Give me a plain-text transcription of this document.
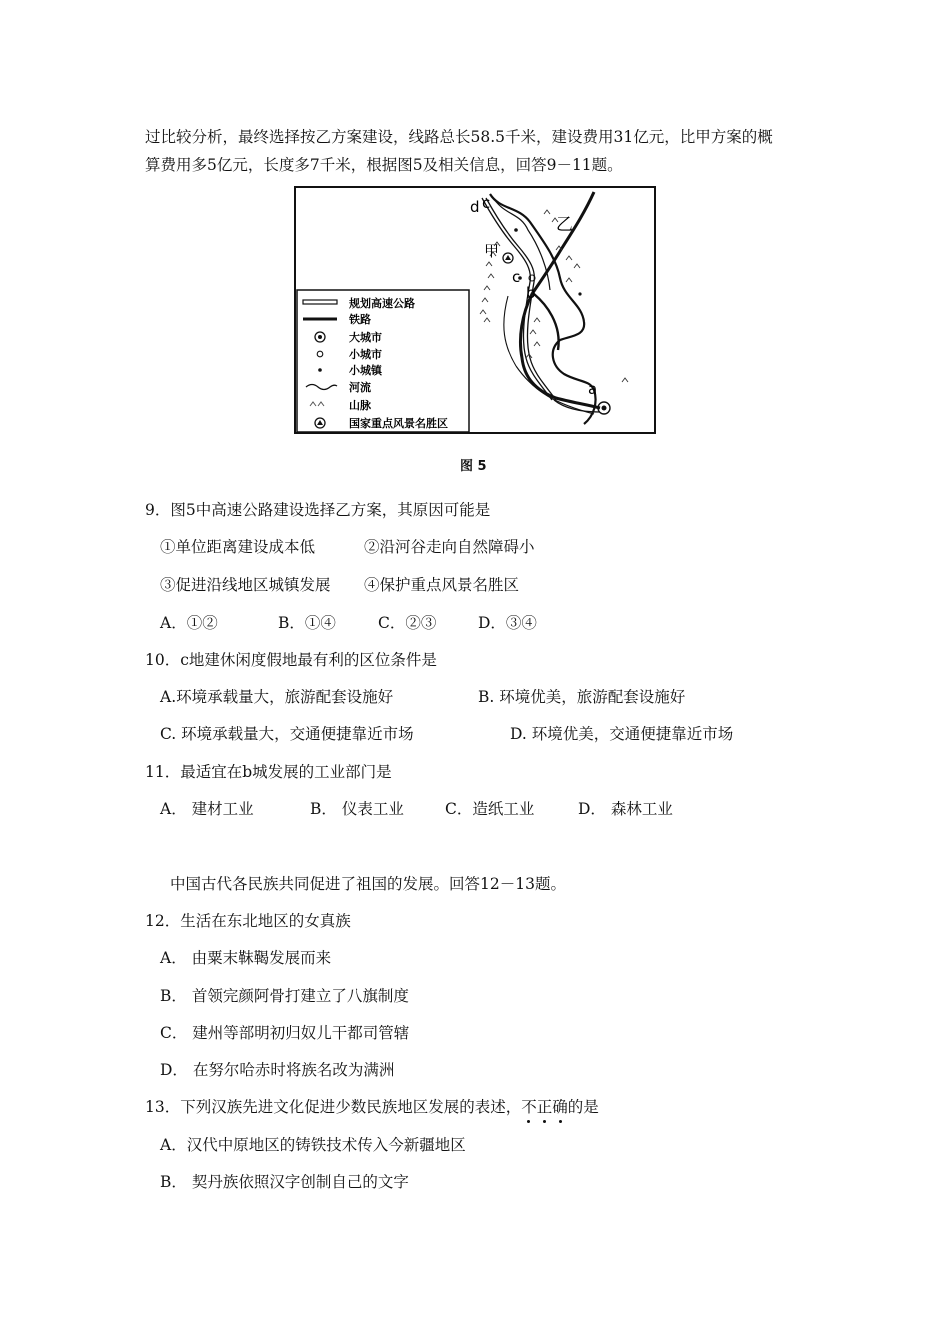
过比较分析，最终选择按乙方案建设，线路总长58.5千米，建设费用31亿元，比甲方案的概
算费用多5亿元，长度多7千米，根据图5及相关信息，回答9－11题。
规划高速公路
铁路
大城市
小城市
小城镇
河流
山脉
国家重点风景名胜区
d c
c
b
a
甲
乙
图 5
9．图5中高速公路建设选择乙方案，其原因可能是
①单位距离建设成本低	②沿河谷走向自然障碍小
③促进沿线地区城镇发展 ④保护重点风景名胜区
A．①②	B．①④	C．②③	D．③④
10．c地建休闲度假地最有利的区位条件是
A.环境承载量大，旅游配套设施好	B. 环境优美，旅游配套设施好
C. 环境承载量大，交通便捷靠近市场	D. 环境优美，交通便捷靠近市场
11．最适宜在b城发展的工业部门是
A． 建材工业	B． 仪表工业	C．造纸工业	D． 森林工业
中国古代各民族共同促进了祖国的发展。回答12－13题。
12．生活在东北地区的女真族
A． 由粟末靺鞨发展而来
B． 首领完颜阿骨打建立了八旗制度
C． 建州等部明初归奴儿干都司管辖
D． 在努尔哈赤时将族名改为满洲
13．下列汉族先进文化促进少数民族地区发展的表述，不正确
的是
A．汉代中原地区的铸铁技术传入今新疆地区
B． 契丹族依照汉字创制自己的文字
